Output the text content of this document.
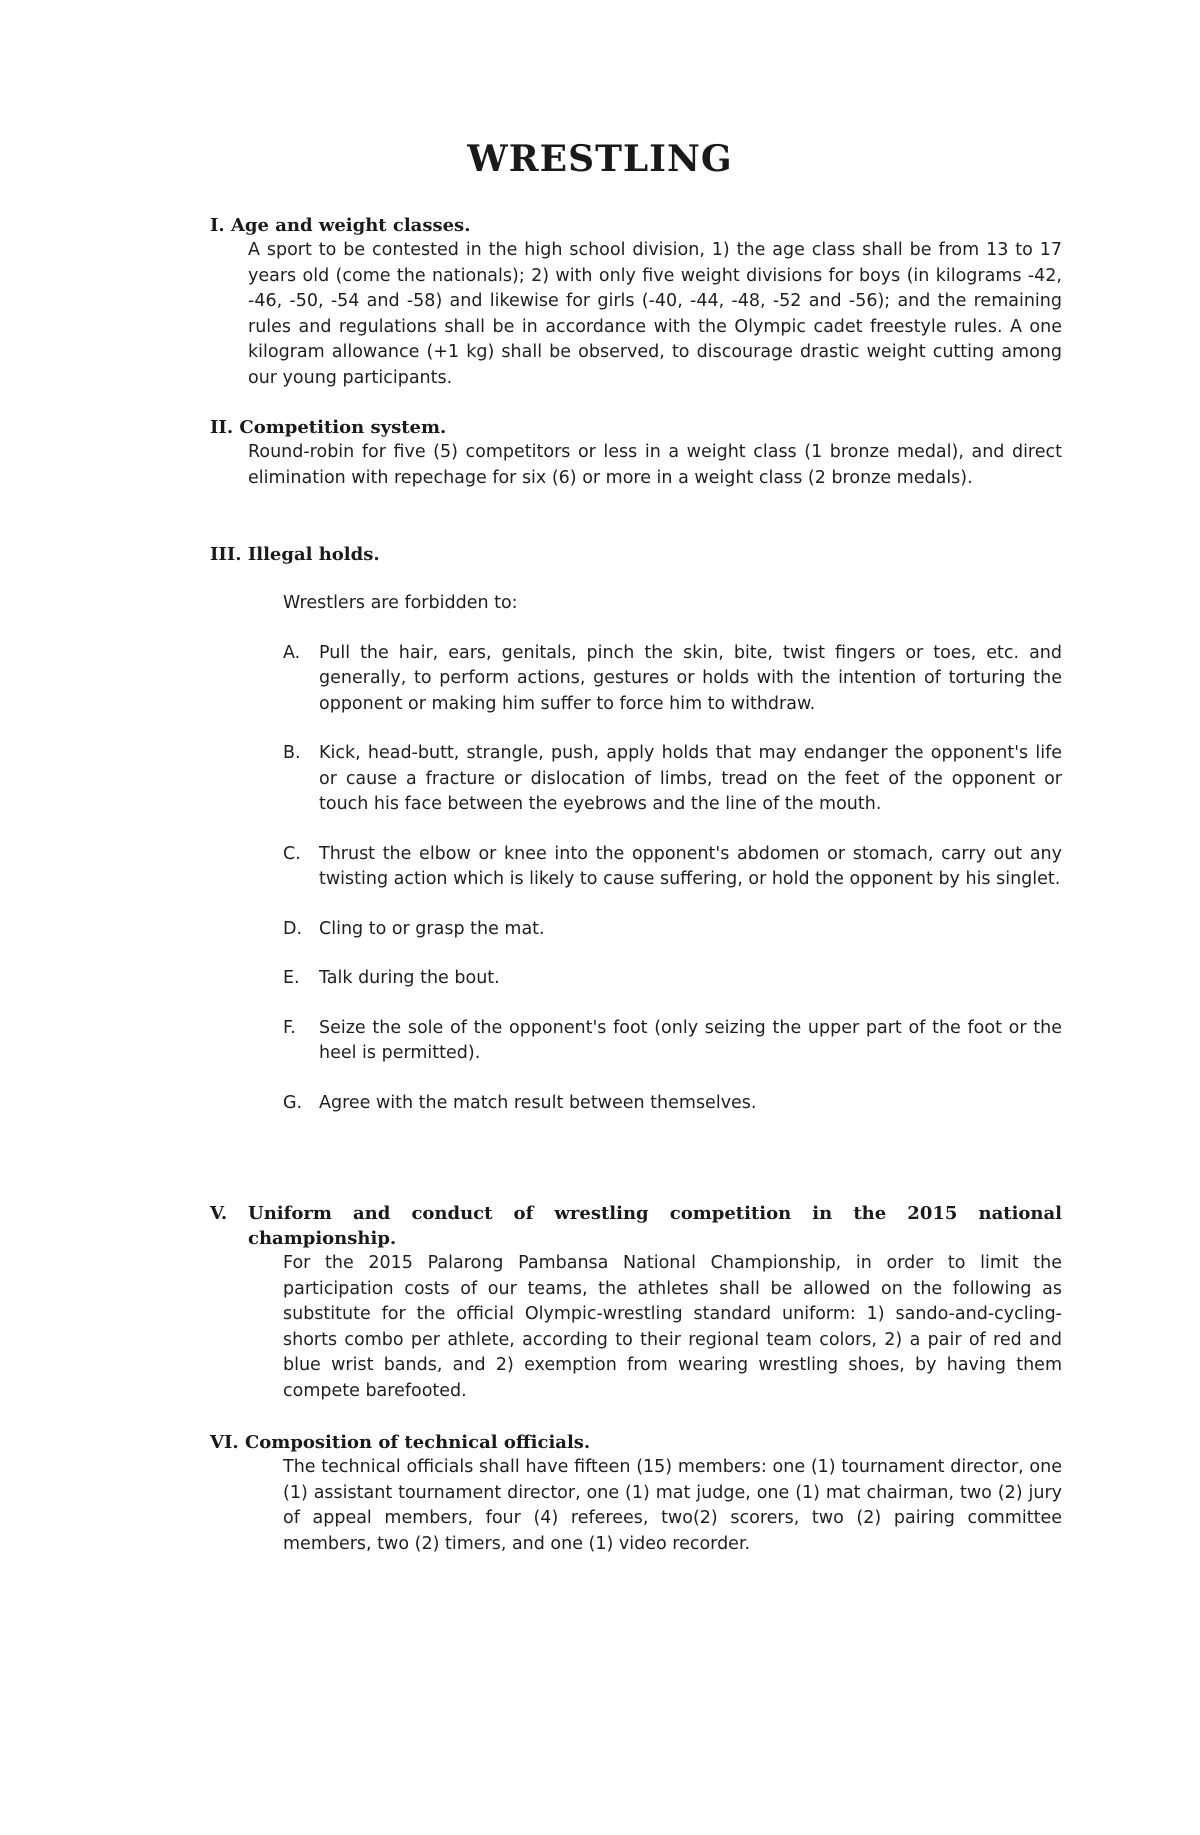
WRESTLING

I. Age and weight classes.

A sport to be contested in the high school division, 1) the age class shall be from 13 to 17 years old (come the nationals); 2) with only five weight divisions for boys (in kilograms -42, -46, -50, -54 and -58) and likewise for girls (-40, -44, -48, -52 and -56); and the remaining rules and regulations shall be in accordance with the Olympic cadet freestyle rules. A one kilogram allowance (+1 kg) shall be observed, to discourage drastic weight cutting among our young participants.

II. Competition system.

Round-robin for five (5) competitors or less in a weight class (1 bronze medal), and direct elimination with repechage for six (6) or more in a weight class (2 bronze medals).

III. Illegal holds.

Wrestlers are forbidden to:

A.	Pull the hair, ears, genitals, pinch the skin, bite, twist fingers or toes, etc. and generally, to perform actions, gestures or holds with the intention of torturing the opponent or making him suffer to force him to withdraw.
B.	Kick, head-butt, strangle, push, apply holds that may endanger the opponent's life or cause a fracture or dislocation of limbs, tread on the feet of the opponent or touch his face between the eyebrows and the line of the mouth.
C.	Thrust the elbow or knee into the opponent's abdomen or stomach, carry out any twisting action which is likely to cause suffering, or hold the opponent by his singlet.
D. Cling to or grasp the mat.
E.	Talk during the bout.
F.	Seize the sole of the opponent's foot (only seizing the upper part of the foot or the heel is permitted).
G. Agree with the match result between themselves.
V.	Uniform and conduct of wrestling competition in the 2015 national championship.

For the 2015 Palarong Pambansa National Championship, in order to limit the participation costs of our teams, the athletes shall be allowed on the following as substitute for the official Olympic-wrestling standard uniform: 1) sando-and-cycling-shorts combo per athlete, according to their regional team colors, 2) a pair of red and blue wrist bands, and 2) exemption from wearing wrestling shoes, by having them compete barefooted.

VI. Composition of technical officials.

The technical officials shall have fifteen (15) members: one (1) tournament director, one (1) assistant tournament director, one (1) mat judge, one (1) mat chairman, two (2) jury of appeal members, four (4) referees, two(2) scorers, two (2) pairing committee members, two (2) timers, and one (1) video recorder.
